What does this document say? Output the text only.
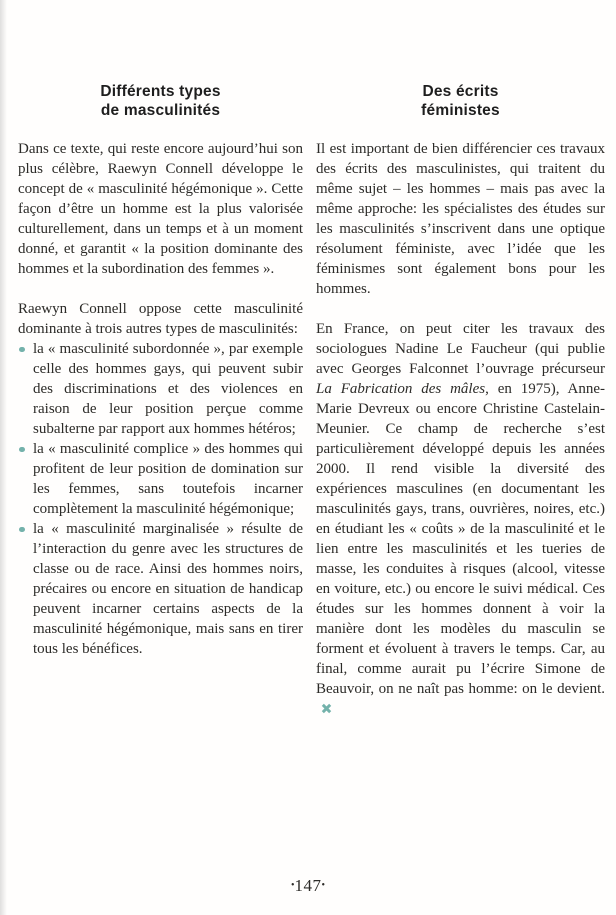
Différents types
de masculinités

Dans ce texte, qui reste encore aujourd’hui son plus célèbre, Raewyn Connell développe le concept de « masculinité hégémonique ». Cette façon d’être un homme est la plus valorisée culturellement, dans un temps et à un moment donné, et garantit « la position dominante des hommes et la subordination des femmes ».

Raewyn Connell oppose cette masculinité dominante à trois autres types de masculinités:

la « masculinité subordonnée », par exemple celle des hommes gays, qui peuvent subir des discriminations et des violences en raison de leur position perçue comme subalterne par rapport aux hommes hétéros;
la « masculinité complice » des hommes qui profitent de leur position de domination sur les femmes, sans toutefois incarner complètement la masculinité hégémonique;
la « masculinité marginalisée » résulte de l’interaction du genre avec les structures de classe ou de race. Ainsi des hommes noirs, précaires ou encore en situation de handicap peuvent incarner certains aspects de la masculinité hégémonique, mais sans en tirer tous les bénéfices.
Des écrits
féministes

Il est important de bien différencier ces travaux des écrits des masculinistes, qui traitent du même sujet – les hommes – mais pas avec la même approche: les spécialistes des études sur les masculinités s’inscrivent dans une optique résolument féministe, avec l’idée que les féminismes sont également bons pour les hommes.

En France, on peut citer les travaux des sociologues Nadine Le Faucheur (qui publie avec Georges Falconnet l’ouvrage précurseur La Fabrication des mâles, en 1975), Anne-Marie Devreux ou encore Christine Castelain-Meunier. Ce champ de recherche s’est particulièrement développé depuis les années 2000. Il rend visible la diversité des expériences masculines (en documentant les masculinités gays, trans, ouvrières, noires, etc.) en étudiant les « coûts » de la masculinité et le lien entre les masculinités et les tueries de masse, les conduites à risques (alcool, vitesse en voiture, etc.) ou encore le suivi médical. Ces études sur les hommes donnent à voir la manière dont les modèles du masculin se forment et évoluent à travers le temps. Car, au final, comme aurait pu l’écrire Simone de Beauvoir, on ne naît pas homme: on le devient.

•147•
